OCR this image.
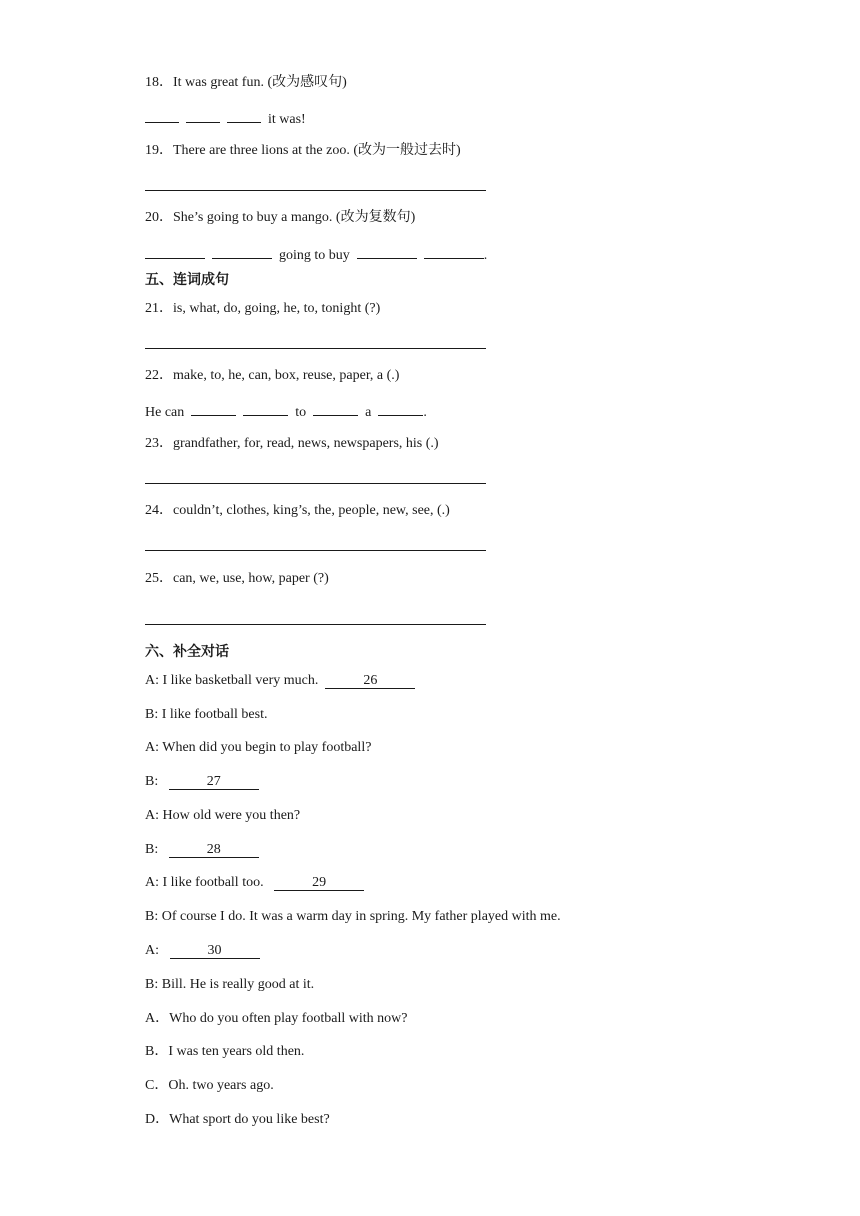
18．It was great fun. (改为感叹句)
it was!
19．There are three lions at the zoo. (改为一般过去时)
20．She’s going to buy a mango. (改为复数句)
going to buy	.
五、连词成句
21．is, what, do, going, he, to, tonight (?)
22．make, to, he, can, box, reuse, paper, a (.)
He can	to	a	.
23．grandfather, for, read, news, newspapers, his (.)
24．couldn’t, clothes, king’s, the, people, new, see, (.)
25．can, we, use, how, paper (?)
六、补全对话
A: I like basketball very much.	26
B: I like football best.
A: When did you begin to play football?
B:	27
A: How old were you then?
B:	28
A: I like football too.	29
B: Of course I do. It was a warm day in spring. My father played with me.
A:	30
B: Bill. He is really good at it.
A．Who do you often play football with now?
B．I was ten years old then.
C．Oh. two years ago.
D．What sport do you like best?
